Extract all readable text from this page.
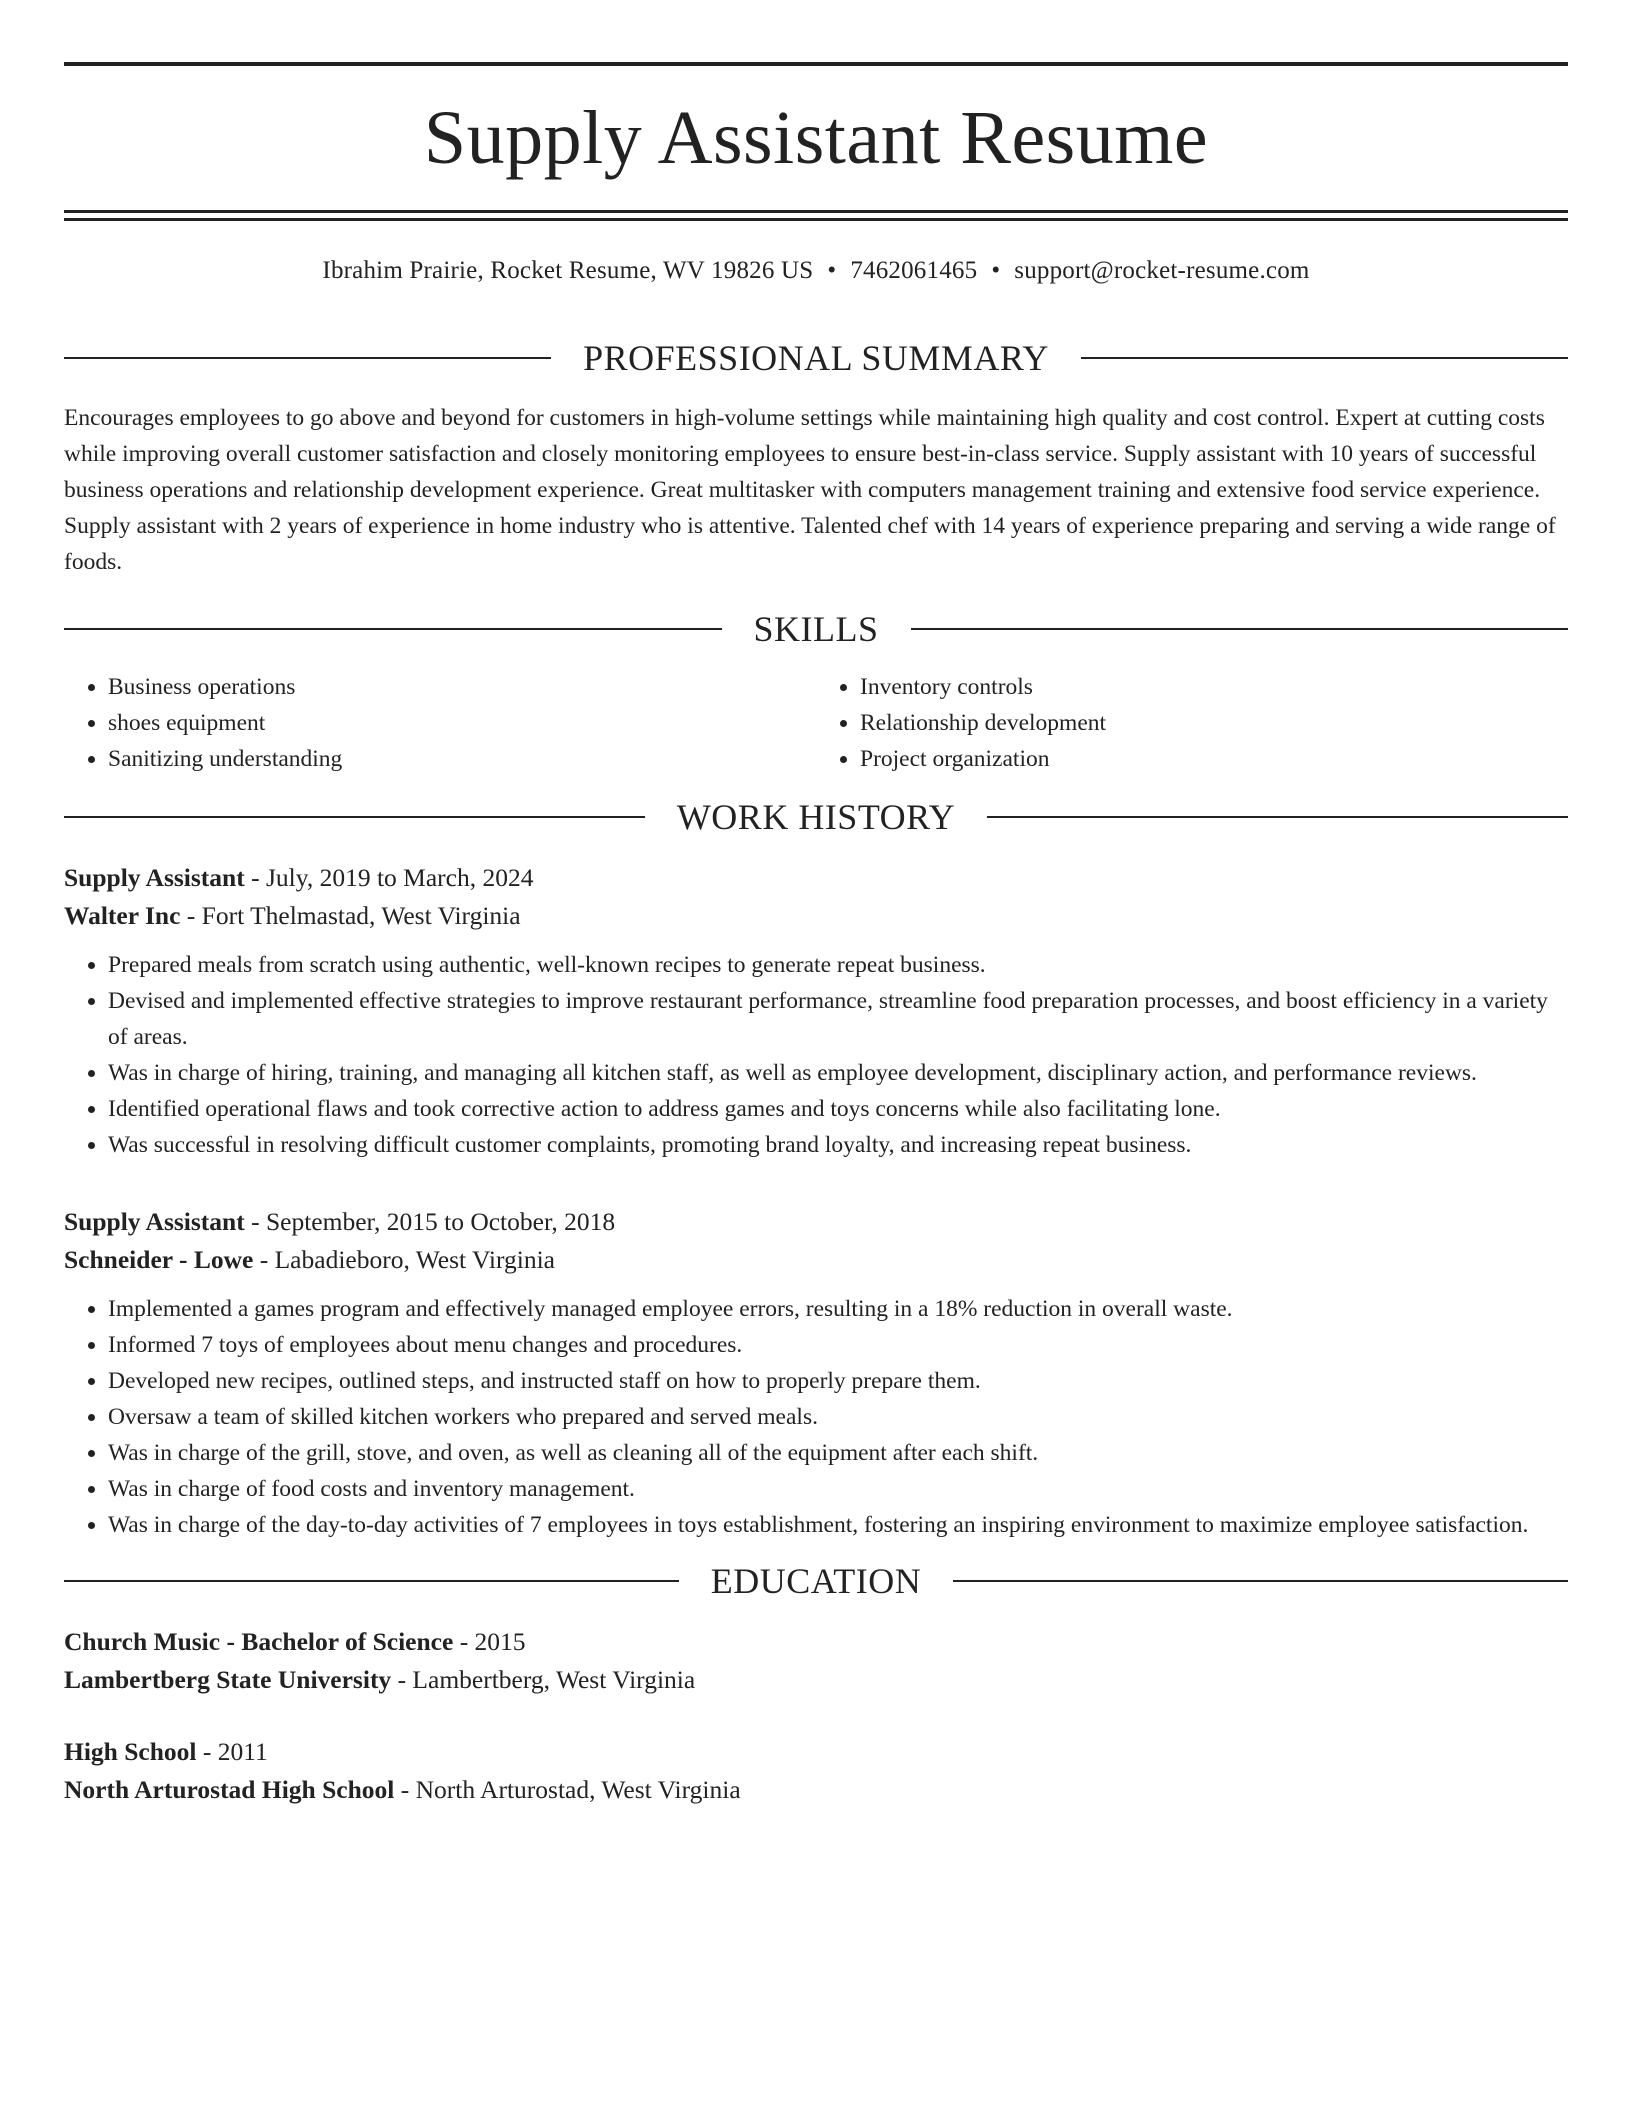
Supply Assistant Resume
Ibrahim Prairie, Rocket Resume, WV 19826 US • 7462061465 • support@rocket-resume.com
PROFESSIONAL SUMMARY

Encourages employees to go above and beyond for customers in high-volume settings while maintaining high quality and cost control. Expert at cutting costs while improving overall customer satisfaction and closely monitoring employees to ensure best-in-class service. Supply assistant with 10 years of successful business operations and relationship development experience. Great multitasker with computers management training and extensive food service experience. Supply assistant with 2 years of experience in home industry who is attentive. Talented chef with 14 years of experience preparing and serving a wide range of foods.

SKILLS
• Business operations
• shoes equipment
• Sanitizing understanding
• Inventory controls
• Relationship development
• Project organization
WORK HISTORY
Supply Assistant - July, 2019 to March, 2024
Walter Inc - Fort Thelmastad, West Virginia
• Prepared meals from scratch using authentic, well-known recipes to generate repeat business.
• Devised and implemented effective strategies to improve restaurant performance, streamline food preparation processes, and boost efficiency in a variety of areas.
• Was in charge of hiring, training, and managing all kitchen staff, as well as employee development, disciplinary action, and performance reviews.
• Identified operational flaws and took corrective action to address games and toys concerns while also facilitating lone.
• Was successful in resolving difficult customer complaints, promoting brand loyalty, and increasing repeat business.
Supply Assistant - September, 2015 to October, 2018
Schneider - Lowe - Labadieboro, West Virginia
• Implemented a games program and effectively managed employee errors, resulting in a 18% reduction in overall waste.
• Informed 7 toys of employees about menu changes and procedures.
• Developed new recipes, outlined steps, and instructed staff on how to properly prepare them.
• Oversaw a team of skilled kitchen workers who prepared and served meals.
• Was in charge of the grill, stove, and oven, as well as cleaning all of the equipment after each shift.
• Was in charge of food costs and inventory management.
• Was in charge of the day-to-day activities of 7 employees in toys establishment, fostering an inspiring environment to maximize employee satisfaction.
EDUCATION
Church Music - Bachelor of Science - 2015
Lambertberg State University - Lambertberg, West Virginia
High School - 2011
North Arturostad High School - North Arturostad, West Virginia
